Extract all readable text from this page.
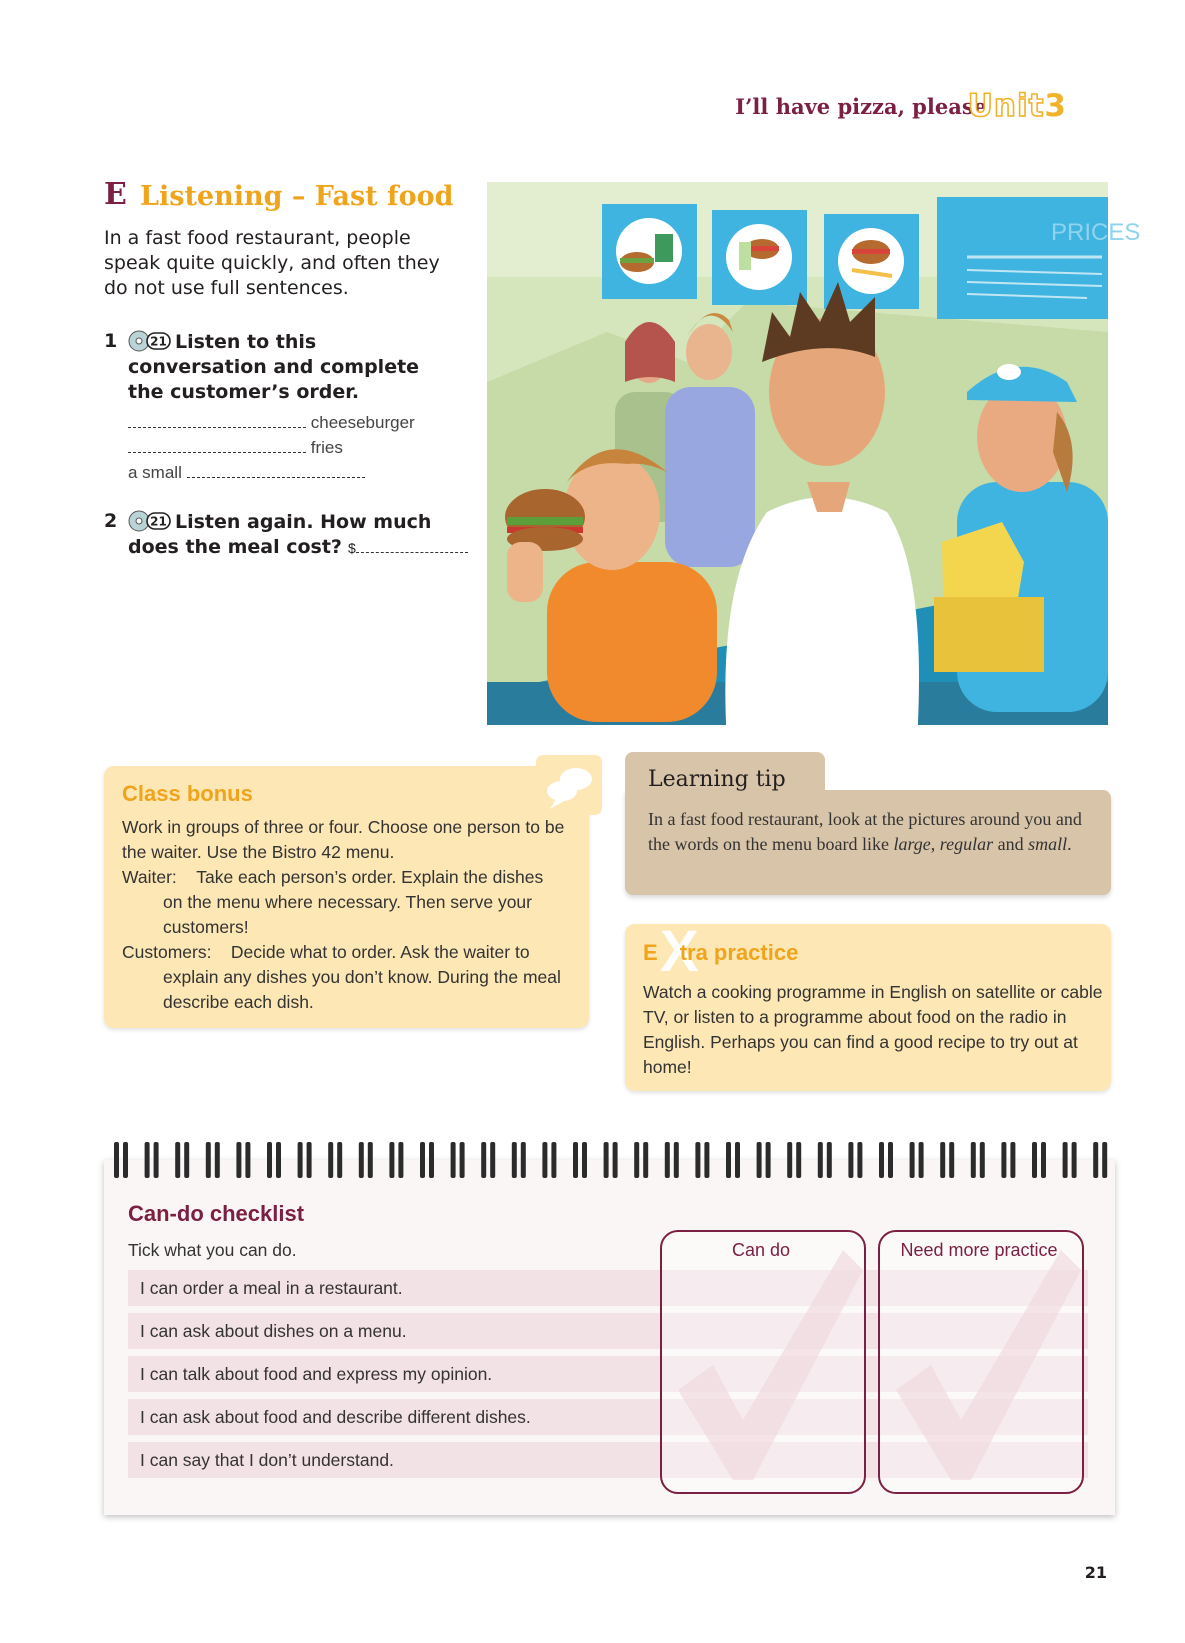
I’ll have pizza, please
Unit3
E Listening – Fast food
In a fast food restaurant, people speak quite quickly, and often they do not use full sentences.
1	21 Listen to this conversation and complete the customer’s order.
cheeseburger
fries
a small
2	21 Listen again. How much does the meal cost? $
PRICES
Class bonus
Work in groups of three or four. Choose one person to be the waiter. Use the Bistro 42 menu.
Waiter: Take each person’s order. Explain the dishes
on the menu where necessary. Then serve your customers!
Customers: Decide what to order. Ask the waiter to
explain any dishes you don’t know. During the meal describe each dish.
Learning tip
In a fast food restaurant, look at the pictures around you and the words on the menu board like large, regular and small.
X
E tra practice
Watch a cooking programme in English on satellite or cable TV, or listen to a programme about food on the radio in English. Perhaps you can find a good recipe to try out at home!
Can-do checklist
Tick what you can do.
I can order a meal in a restaurant.
I can ask about dishes on a menu.
I can talk about food and express my opinion.
I can ask about food and describe different dishes.
I can say that I don’t understand.
Can do	Need more practice
21
